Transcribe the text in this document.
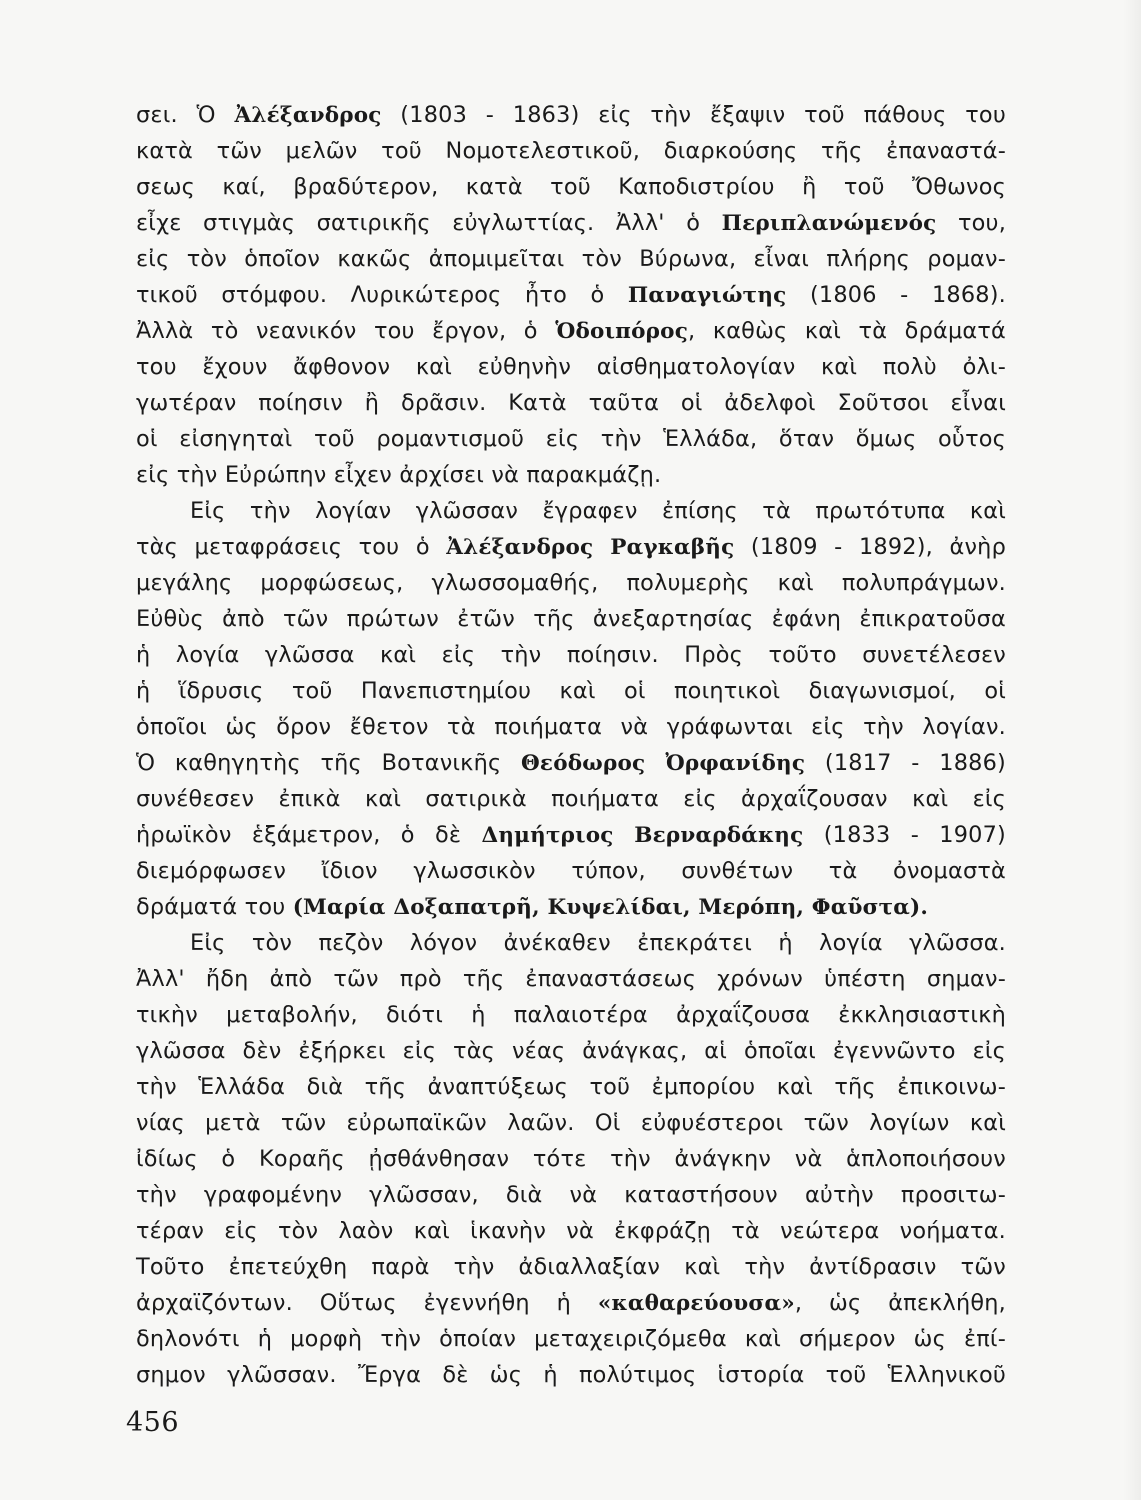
σει. Ὁ Ἀλέξανδρος (1803 - 1863) εἰς τὴν ἔξαψιν τοῦ πάθους του
κατὰ τῶν μελῶν τοῦ Νομοτελεστικοῦ, διαρκούσης τῆς ἐπαναστά-
σεως καί, βραδύτερον, κατὰ τοῦ Καποδιστρίου ἢ τοῦ Ὄθωνος
εἶχε στιγμὰς σατιρικῆς εὐγλωττίας. Ἀλλ' ὁ Περιπλανώμενός του,
εἰς τὸν ὁποῖον κακῶς ἀπομιμεῖται τὸν Βύρωνα, εἶναι πλήρης ρομαν-
τικοῦ στόμφου. Λυρικώτερος ἦτο ὁ Παναγιώτης (1806 - 1868).
Ἀλλὰ τὸ νεανικόν του ἔργον, ὁ Ὁδοιπόρος, καθὼς καὶ τὰ δράματά
του ἔχουν ἄφθονον καὶ εὐθηνὴν αἰσθηματολογίαν καὶ πολὺ ὀλι-
γωτέραν ποίησιν ἢ δρᾶσιν. Κατὰ ταῦτα οἱ ἀδελφοὶ Σοῦτσοι εἶναι
οἱ εἰσηγηταὶ τοῦ ρομαντισμοῦ εἰς τὴν Ἑλλάδα, ὅταν ὅμως οὗτος
εἰς τὴν Εὐρώπην εἶχεν ἀρχίσει νὰ παρακμάζῃ.
Εἰς τὴν λογίαν γλῶσσαν ἔγραφεν ἐπίσης τὰ πρωτότυπα καὶ
τὰς μεταφράσεις του ὁ Ἀλέξανδρος Ραγκαβῆς (1809 - 1892), ἀνὴρ
μεγάλης μορφώσεως, γλωσσομαθής, πολυμερὴς καὶ πολυπράγμων.
Εὐθὺς ἀπὸ τῶν πρώτων ἐτῶν τῆς ἀνεξαρτησίας ἐφάνη ἐπικρατοῦσα
ἡ λογία γλῶσσα καὶ εἰς τὴν ποίησιν. Πρὸς τοῦτο συνετέλεσεν
ἡ ἵδρυσις τοῦ Πανεπιστημίου καὶ οἱ ποιητικοὶ διαγωνισμοί, οἱ
ὁποῖοι ὡς ὅρον ἔθετον τὰ ποιήματα νὰ γράφωνται εἰς τὴν λογίαν.
Ὁ καθηγητὴς τῆς Βοτανικῆς Θεόδωρος Ὀρφανίδης (1817 - 1886)
συνέθεσεν ἐπικὰ καὶ σατιρικὰ ποιήματα εἰς ἀρχαΐζουσαν καὶ εἰς
ἡρωϊκὸν ἑξάμετρον, ὁ δὲ Δημήτριος Βερναρδάκης (1833 - 1907)
διεμόρφωσεν ἴδιον γλωσσικὸν τύπον, συνθέτων τὰ ὀνομαστὰ
δράματά του (Μαρία Δοξαπατρῆ, Κυψελίδαι, Μερόπη, Φαῦστα).
Εἰς τὸν πεζὸν λόγον ἀνέκαθεν ἐπεκράτει ἡ λογία γλῶσσα.
Ἀλλ' ἤδη ἀπὸ τῶν πρὸ τῆς ἐπαναστάσεως χρόνων ὑπέστη σημαν-
τικὴν μεταβολήν, διότι ἡ παλαιοτέρα ἀρχαΐζουσα ἐκκλησιαστικὴ
γλῶσσα δὲν ἐξήρκει εἰς τὰς νέας ἀνάγκας, αἱ ὁποῖαι ἐγεννῶντο εἰς
τὴν Ἑλλάδα διὰ τῆς ἀναπτύξεως τοῦ ἐμπορίου καὶ τῆς ἐπικοινω-
νίας μετὰ τῶν εὐρωπαϊκῶν λαῶν. Οἱ εὐφυέστεροι τῶν λογίων καὶ
ἰδίως ὁ Κοραῆς ᾐσθάνθησαν τότε τὴν ἀνάγκην νὰ ἁπλοποιήσουν
τὴν γραφομένην γλῶσσαν, διὰ νὰ καταστήσουν αὐτὴν προσιτω-
τέραν εἰς τὸν λαὸν καὶ ἱκανὴν νὰ ἐκφράζῃ τὰ νεώτερα νοήματα.
Τοῦτο ἐπετεύχθη παρὰ τὴν ἀδιαλλαξίαν καὶ τὴν ἀντίδρασιν τῶν
ἀρχαϊζόντων. Οὕτως ἐγεννήθη ἡ «καθαρεύουσα», ὡς ἀπεκλήθη,
δηλονότι ἡ μορφὴ τὴν ὁποίαν μεταχειριζόμεθα καὶ σήμερον ὡς ἐπί-
σημον γλῶσσαν. Ἔργα δὲ ὡς ἡ πολύτιμος ἱστορία τοῦ Ἑλληνικοῦ
456
